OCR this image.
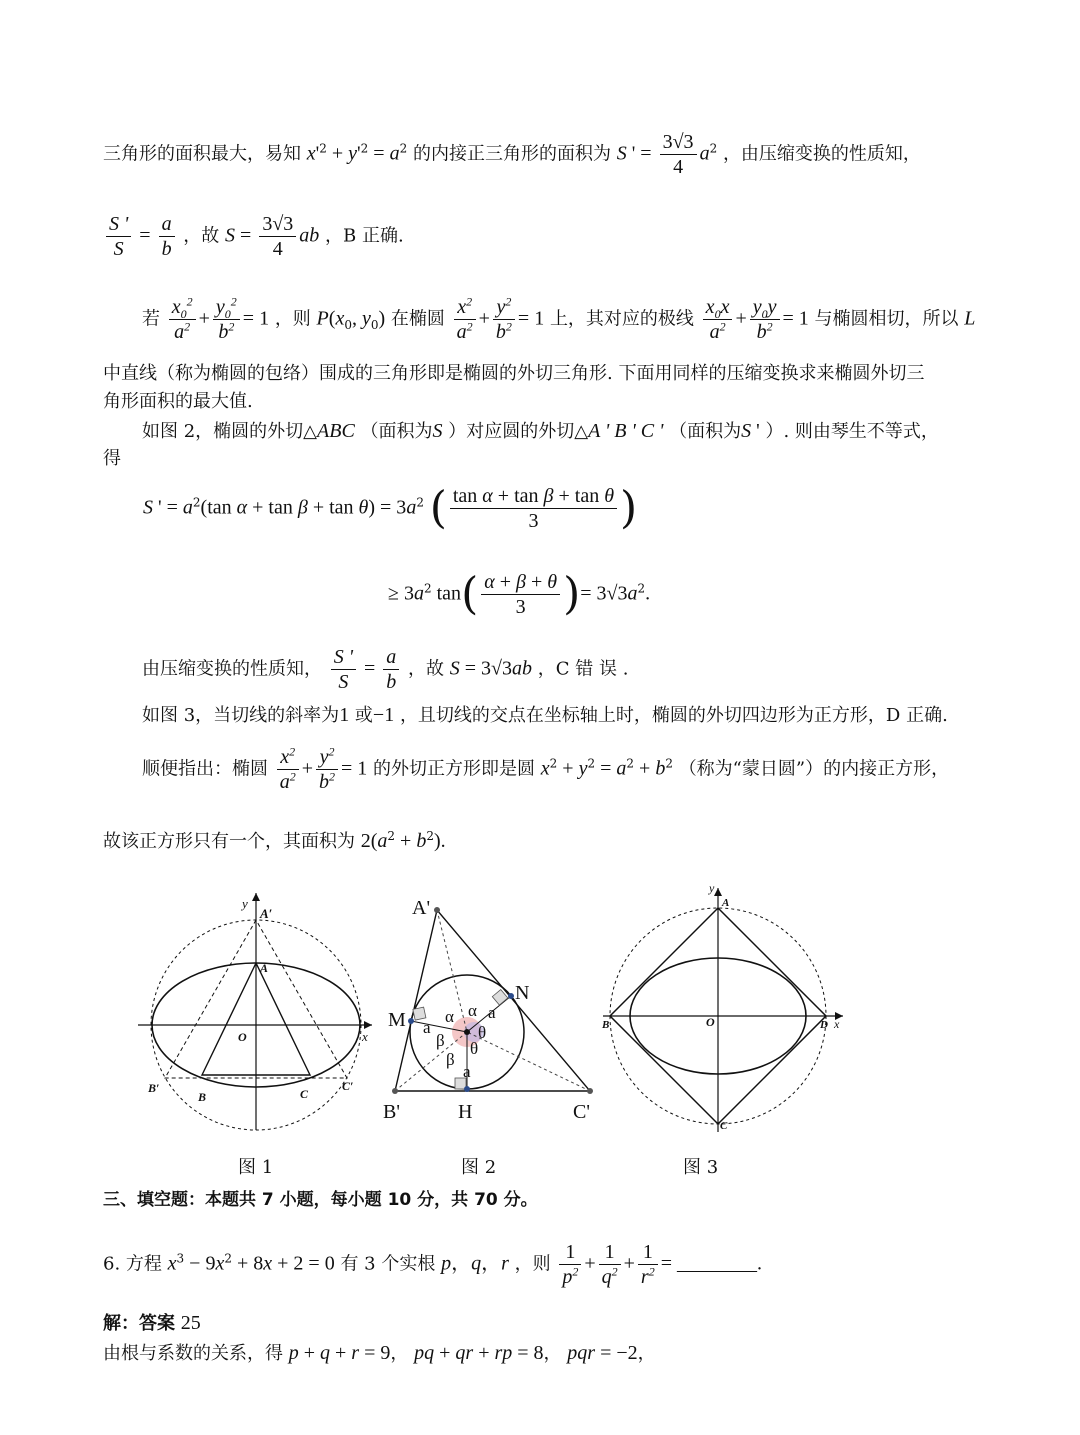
三角形的面积最大，易知 $x'^2 + y'^2 = a^2$ 的内接正三角形的面积为 S ' = $\frac{3√3}{4} a^2$ ，由压缩变换的性质知，
$\frac{S '}{S} = \frac{a}{b}$ ，故 $S = \frac{3√3}{4}$ ab ，B 正确.
若 $\frac{x_0^2}{a^2} + \frac{y_0^2}{b^2} = 1$ ，则 $P(x_0$, $y_0$) 在椭圆 $\frac{x^2}{a^2} + \frac{y^2}{b^2} = 1$ 上，其对应的极线 $\frac{x_0x}{a^2} + \frac{y_0y}{b^2} = 1$ 与椭圆相切，所以 L
中直线（称为椭圆的包络）围成的三角形即是椭圆的外切三角形. 下面用同样的压缩变换求来椭圆外切三
角形面积的最大值.
如图 2，椭圆的外切△ABC （面积为S ）对应圆的外切△A ' B ' C ' （面积为S ' ）. 则由琴生不等式，
得
S ' = $a^2(\tan$ $\alpha + \tan \beta + \tan \theta) = 3a^2$ ( $\frac{\text{tan α + tan β + tan θ}}{3}$ )
≥ $3a^2$ $\tan( \frac{\alpha + \beta + \theta}{3}$ )= $3√3a^2$.
由压缩变换的性质知， $\frac{S '}{S} = \frac{a}{b}$ ，故 S = 3√3ab ，C 错 误 .
如图 3，当切线的斜率为1 或−1 ，且切线的交点在坐标轴上时，椭圆的外切四边形为正方形，D 正确.
顺便指出：椭圆 $\frac{x^2}{a^2} + \frac{y^2}{b^2} = 1$ 的外切正方形即是圆 $x^2 + y^2 = a^2 + b^2$ （称为“蒙日圆”）的内接正方形，
故该正方形只有一个，其面积为 $2(a^2 + b^2)$.
y
x
O
A′
A
B′
B	C
C′
A'
B'	C'
M
N
H
α α
β
β
θ
θ
a
a
a
y
x
O
A
B
C
D
图 1	图 2	图 3
三、填空题：本题共 7 小题，每小题 10 分，共 70 分。
6. 方程 $x^3 - 9x^2 + 8x + 2 = 0$ 有 3 个实根 p，q，r ，则 $\frac{1}{p^2} + \frac{1}{q^2} + \frac{1}{r^2}$ = ________.
解：答案 25
由根与系数的关系，得 p + q + r = 9， pq + qr + rp = 8， pqr = −2，
